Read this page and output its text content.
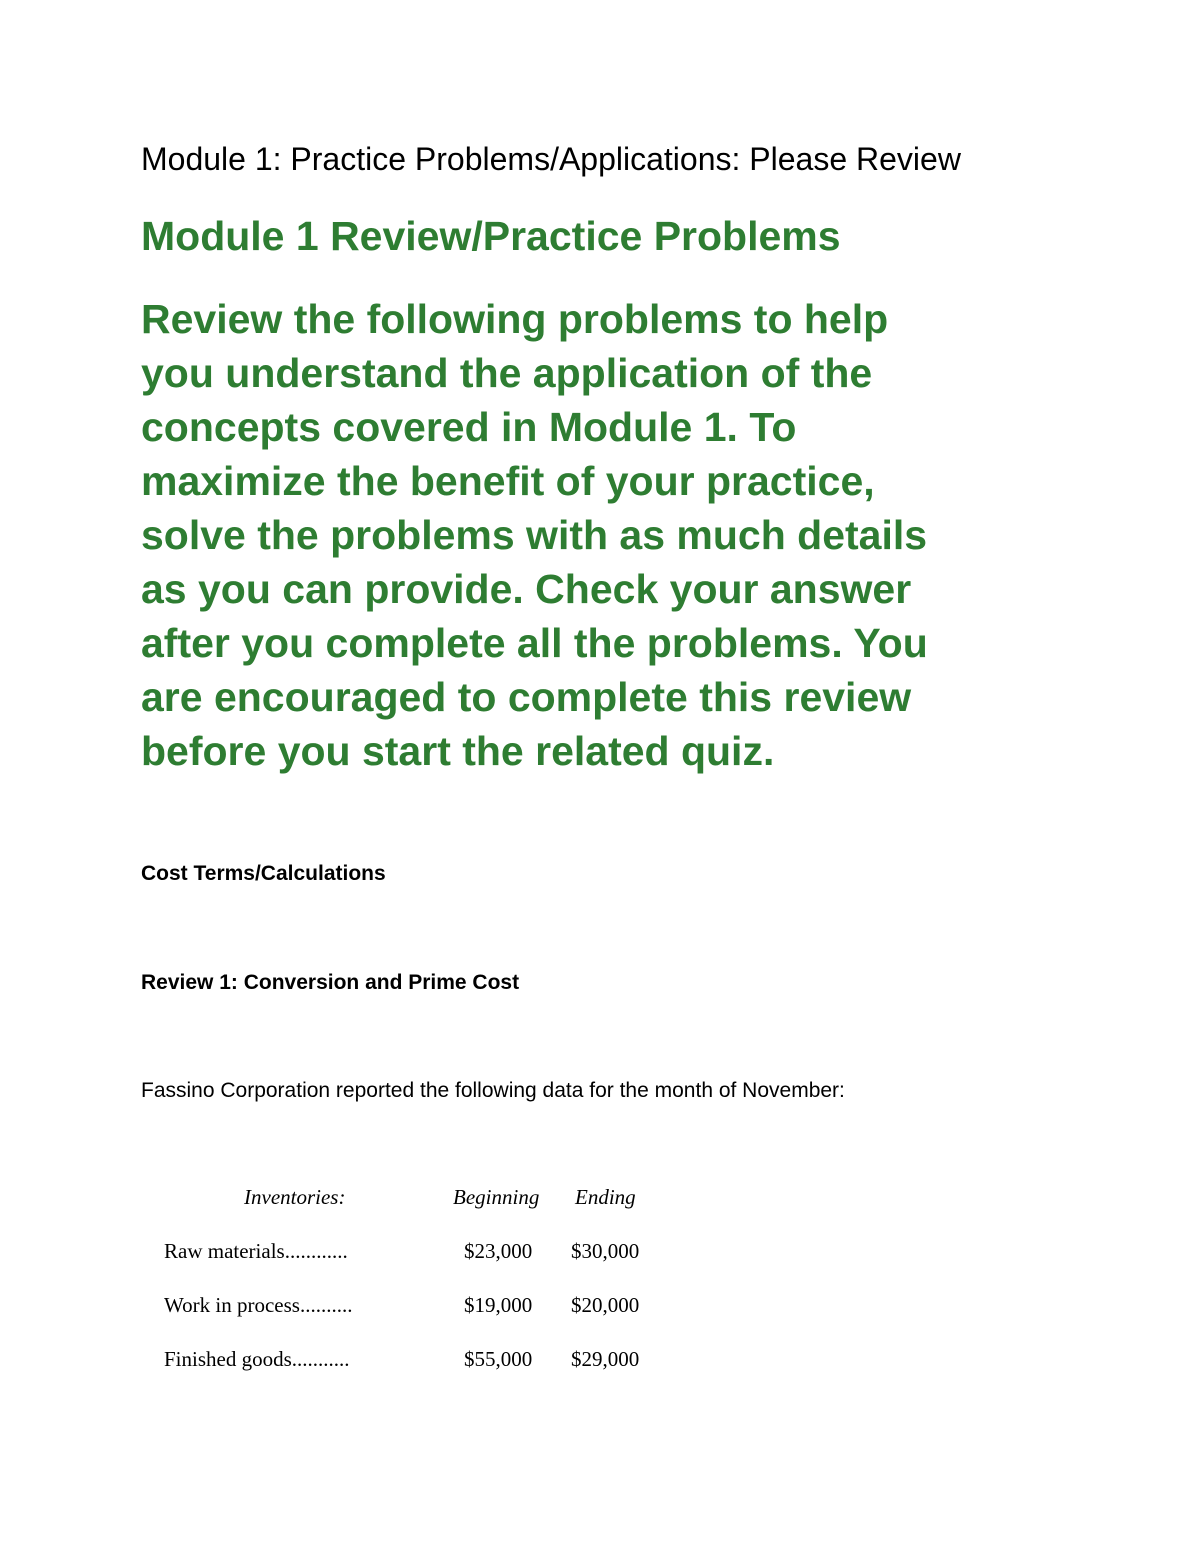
Module 1: Practice Problems/Applications: Please Review

Module 1 Review/Practice Problems
Review the following problems to help
you understand the application of the
concepts covered in Module 1. To
maximize the benefit of your practice,
solve the problems with as much details
as you can provide. Check your answer
after you complete all the problems. You
are encouraged to complete this review
before you start the related quiz.

Cost Terms/Calculations

Review 1: Conversion and Prime Cost

Fassino Corporation reported the following data for the month of November:

Inventories:	Beginning Ending
Raw materials............	$23,000 $30,000
Work in process..........	$19,000 $20,000
Finished goods...........	$55,000 $29,000
